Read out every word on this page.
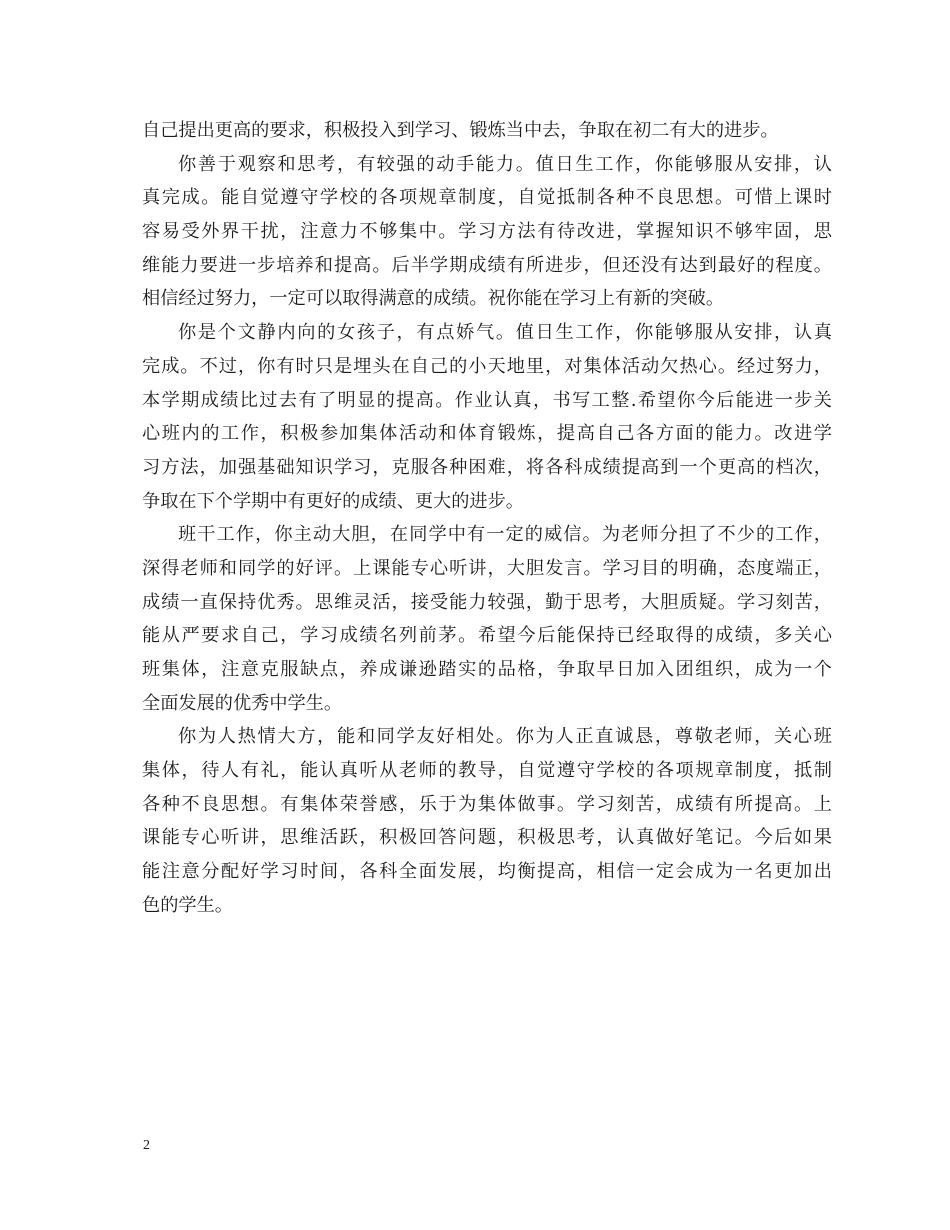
自己提出更高的要求，积极投入到学习、锻炼当中去，争取在初二有大的进步。
你善于观察和思考，有较强的动手能力。值日生工作，你能够服从安排，认
真完成。能自觉遵守学校的各项规章制度，自觉抵制各种不良思想。可惜上课时
容易受外界干扰，注意力不够集中。学习方法有待改进，掌握知识不够牢固，思
维能力要进一步培养和提高。后半学期成绩有所进步，但还没有达到最好的程度。
相信经过努力，一定可以取得满意的成绩。祝你能在学习上有新的突破。
你是个文静内向的女孩子，有点娇气。值日生工作，你能够服从安排，认真
完成。不过，你有时只是埋头在自己的小天地里，对集体活动欠热心。经过努力，
本学期成绩比过去有了明显的提高。作业认真，书写工整.希望你今后能进一步关
心班内的工作，积极参加集体活动和体育锻炼，提高自己各方面的能力。改进学
习方法，加强基础知识学习，克服各种困难，将各科成绩提高到一个更高的档次，
争取在下个学期中有更好的成绩、更大的进步。
班干工作，你主动大胆，在同学中有一定的威信。为老师分担了不少的工作，
深得老师和同学的好评。上课能专心听讲，大胆发言。学习目的明确，态度端正，
成绩一直保持优秀。思维灵活，接受能力较强，勤于思考，大胆质疑。学习刻苦，
能从严要求自己，学习成绩名列前茅。希望今后能保持已经取得的成绩，多关心
班集体，注意克服缺点，养成谦逊踏实的品格，争取早日加入团组织，成为一个
全面发展的优秀中学生。
你为人热情大方，能和同学友好相处。你为人正直诚恳，尊敬老师，关心班
集体，待人有礼，能认真听从老师的教导，自觉遵守学校的各项规章制度，抵制
各种不良思想。有集体荣誉感，乐于为集体做事。学习刻苦，成绩有所提高。上
课能专心听讲，思维活跃，积极回答问题，积极思考，认真做好笔记。今后如果
能注意分配好学习时间，各科全面发展，均衡提高，相信一定会成为一名更加出
色的学生。
2
